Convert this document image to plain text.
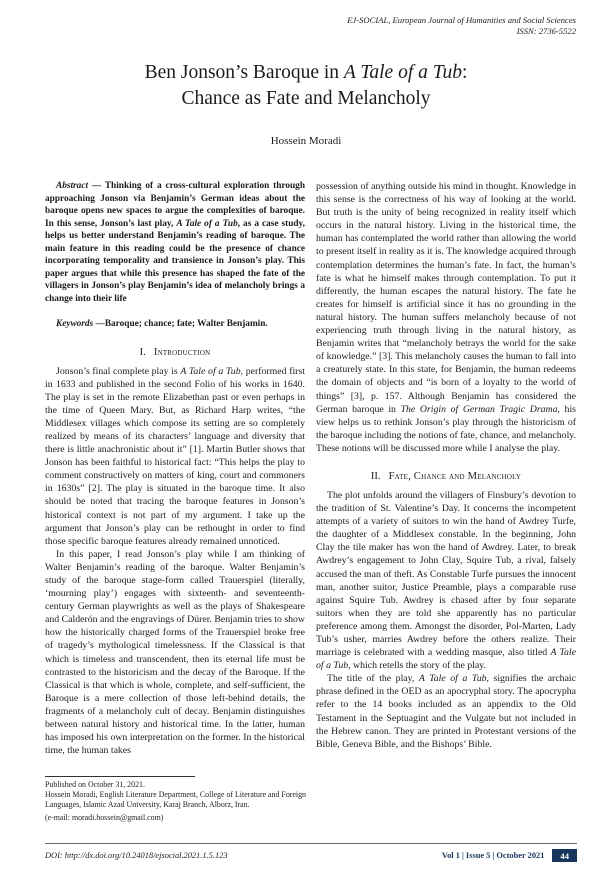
EJ-SOCIAL, European Journal of Humanities and Social Sciences
ISSN: 2736-5522
Ben Jonson’s Baroque in A Tale of a Tub:
Chance as Fate and Melancholy
Hossein Moradi

Abstract — Thinking of a cross-cultural exploration through approaching Jonson via Benjamin’s German ideas about the baroque opens new spaces to argue the complexities of baroque. In this sense, Jonson’s last play, A Tale of a Tub, as a case study, helps us better understand Benjamin’s reading of baroque. The main feature in this reading could be the presence of chance incorporating temporality and transience in Jonson’s play. This paper argues that while this presence has shaped the fate of the villagers in Jonson’s play Benjamin’s idea of melancholy brings a change into their life

Keywords —Baroque; chance; fate; Walter Benjamin.

I. Introduction

Jonson’s final complete play is A Tale of a Tub, performed first in 1633 and published in the second Folio of his works in 1640. The play is set in the remote Elizabethan past or even perhaps in the time of Queen Mary. But, as Richard Harp writes, “the Middlesex villages which compose its setting are so completely realized by means of its characters’ language and diversity that there is little anachronistic about it” [1]. Martin Butler shows that Jonson has been faithful to historical fact: “This helps the play to comment constructively on matters of king, court and commoners in 1630s” [2]. The play is situated in the baroque time. It also should be noted that tracing the baroque features in Jonson’s historical context is not part of my argument. I take up the argument that Jonson’s play can be rethought in order to find those specific baroque features already remained unnoticed.

In this paper, I read Jonson’s play while I am thinking of Walter Benjamin’s reading of the baroque. Walter Benjamin’s study of the baroque stage-form called Trauerspiel (literally, ‘mourning play’) engages with sixteenth- and seventeenth-century German playwrights as well as the plays of Shakespeare and Calderón and the engravings of Dürer. Benjamin tries to show how the historically charged forms of the Trauerspiel broke free of tragedy’s mythological timelessness. If the Classical is that which is timeless and transcendent, then its eternal life must be contrasted to the historicism and the decay of the Baroque. If the Classical is that which is whole, complete, and self-sufficient, the Baroque is a mere collection of those left-behind details, the fragments of a melancholy cult of decay. Benjamin distinguishes between natural history and historical time. In the latter, human has imposed his own interpretation on the former. In the historical time, the human takes

possession of anything outside his mind in thought. Knowledge in this sense is the correctness of his way of looking at the world. But truth is the unity of being recognized in reality itself which occurs in the natural history. Living in the historical time, the human has contemplated the world rather than allowing the world to present itself in reality as it is. The knowledge acquired through contemplation determines the human’s fate. In fact, the human’s fate is what he himself makes through contemplation. To put it differently, the human escapes the natural history. The fate he creates for himself is artificial since it has no grounding in the natural history. The human suffers melancholy because of not experiencing truth through living in the natural history, as Benjamin writes that “melancholy betrays the world for the sake of knowledge.” [3]. This melancholy causes the human to fall into a creaturely state. In this state, for Benjamin, the human redeems the domain of objects and “is born of a loyalty to the world of things” [3], p. 157. Although Benjamin has considered the German baroque in The Origin of German Tragic Drama, his view helps us to rethink Jonson’s play through the historicism of the baroque including the notions of fate, chance, and melancholy. These notions will be discussed more while I analyse the play.

II. Fate, Chance and Melancholy

The plot unfolds around the villagers of Finsbury’s devotion to the tradition of St. Valentine’s Day. It concerns the incompetent attempts of a variety of suitors to win the hand of Awdrey Turfe, the daughter of a Middlesex constable. In the beginning, John Clay the tile maker has won the hand of Awdrey. Later, to break Awdrey’s engagement to John Clay, Squire Tub, a rival, falsely accused the man of theft. As Constable Turfe pursues the innocent man, another suitor, Justice Preamble, plays a comparable ruse against Squire Tub. Awdrey is chased after by four separate suitors when they are told she apparently has no particular preference among them. Amongst the disorder, Pol-Marten, Lady Tub’s usher, marries Awdrey before the others realize. Their marriage is celebrated with a wedding masque, also titled A Tale of a Tub, which retells the story of the play.

The title of the play, A Tale of a Tub, signifies the archaic phrase defined in the OED as an apocryphal story. The apocrypha refer to the 14 books included as an appendix to the Old Testament in the Septuagint and the Vulgate but not included in the Hebrew canon. They are printed in Protestant versions of the Bible, Geneva Bible, and the Bishops’ Bible.

Published on October 31, 2021.
Hossein Moradi, English Literature Department, College of Literature and Foreign Languages, Islamic Azad University, Karaj Branch, Alborz, Iran.
(e-mail: moradi.hossein@gmail.com)
DOI: http://dx.doi.org/10.24018/ejsocial.2021.1.5.123	Vol 1 | Issue 5 | October 2021	44
